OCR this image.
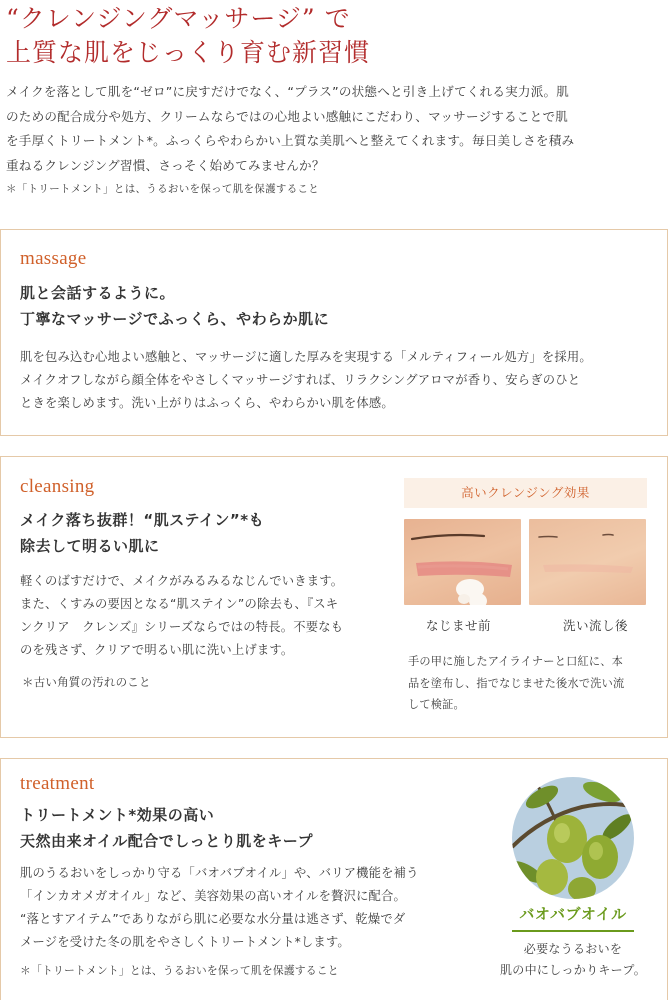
“クレンジングマッサージ” で
上質な肌をじっくり育む新習慣
メイクを落として肌を“ゼロ”に戻すだけでなく、“プラス”の状態へと引き上げてくれる実力派。肌
のための配合成分や処方、クリームならではの心地よい感触にこだわり、マッサージすることで肌
を手厚くトリートメント*。ふっくらやわらかい上質な美肌へと整えてくれます。毎日美しさを積み
重ねるクレンジング習慣、さっそく始めてみませんか？
＊「トリートメント」とは、うるおいを保って肌を保護すること
massage
肌と会話するように。
丁寧なマッサージでふっくら、やわらか肌に
肌を包み込む心地よい感触と、マッサージに適した厚みを実現する「メルティフィール処方」を採用。
メイクオフしながら顔全体をやさしくマッサージすれば、リラクシングアロマが香り、安らぎのひと
ときを楽しめます。洗い上がりはふっくら、やわらかい肌を体感。
cleansing
メイク落ち抜群！“肌ステイン”*も
除去して明るい肌に
軽くのばすだけで、メイクがみるみるなじんでいきます。
また、くすみの要因となる“肌ステイン”の除去も、『スキ
ンクリア　クレンズ』シリーズならではの特長。不要なも
のを残さず、クリアで明るい肌に洗い上げます。
＊古い角質の汚れのこと
高いクレンジング効果
なじませ前	洗い流し後
手の甲に施したアイライナーと口紅に、本
品を塗布し、指でなじませた後水で洗い流
して検証。
treatment
トリートメント*効果の高い
天然由来オイル配合でしっとり肌をキープ
肌のうるおいをしっかり守る「バオバブオイル」や、バリア機能を補う
「インカオメガオイル」など、美容効果の高いオイルを贅沢に配合。
“落とすアイテム”でありながら肌に必要な水分量は逃さず、乾燥でダ
メージを受けた冬の肌をやさしくトリートメント*します。
＊「トリートメント」とは、うるおいを保って肌を保護すること
バオバブオイル
必要なうるおいを
肌の中にしっかりキープ。
